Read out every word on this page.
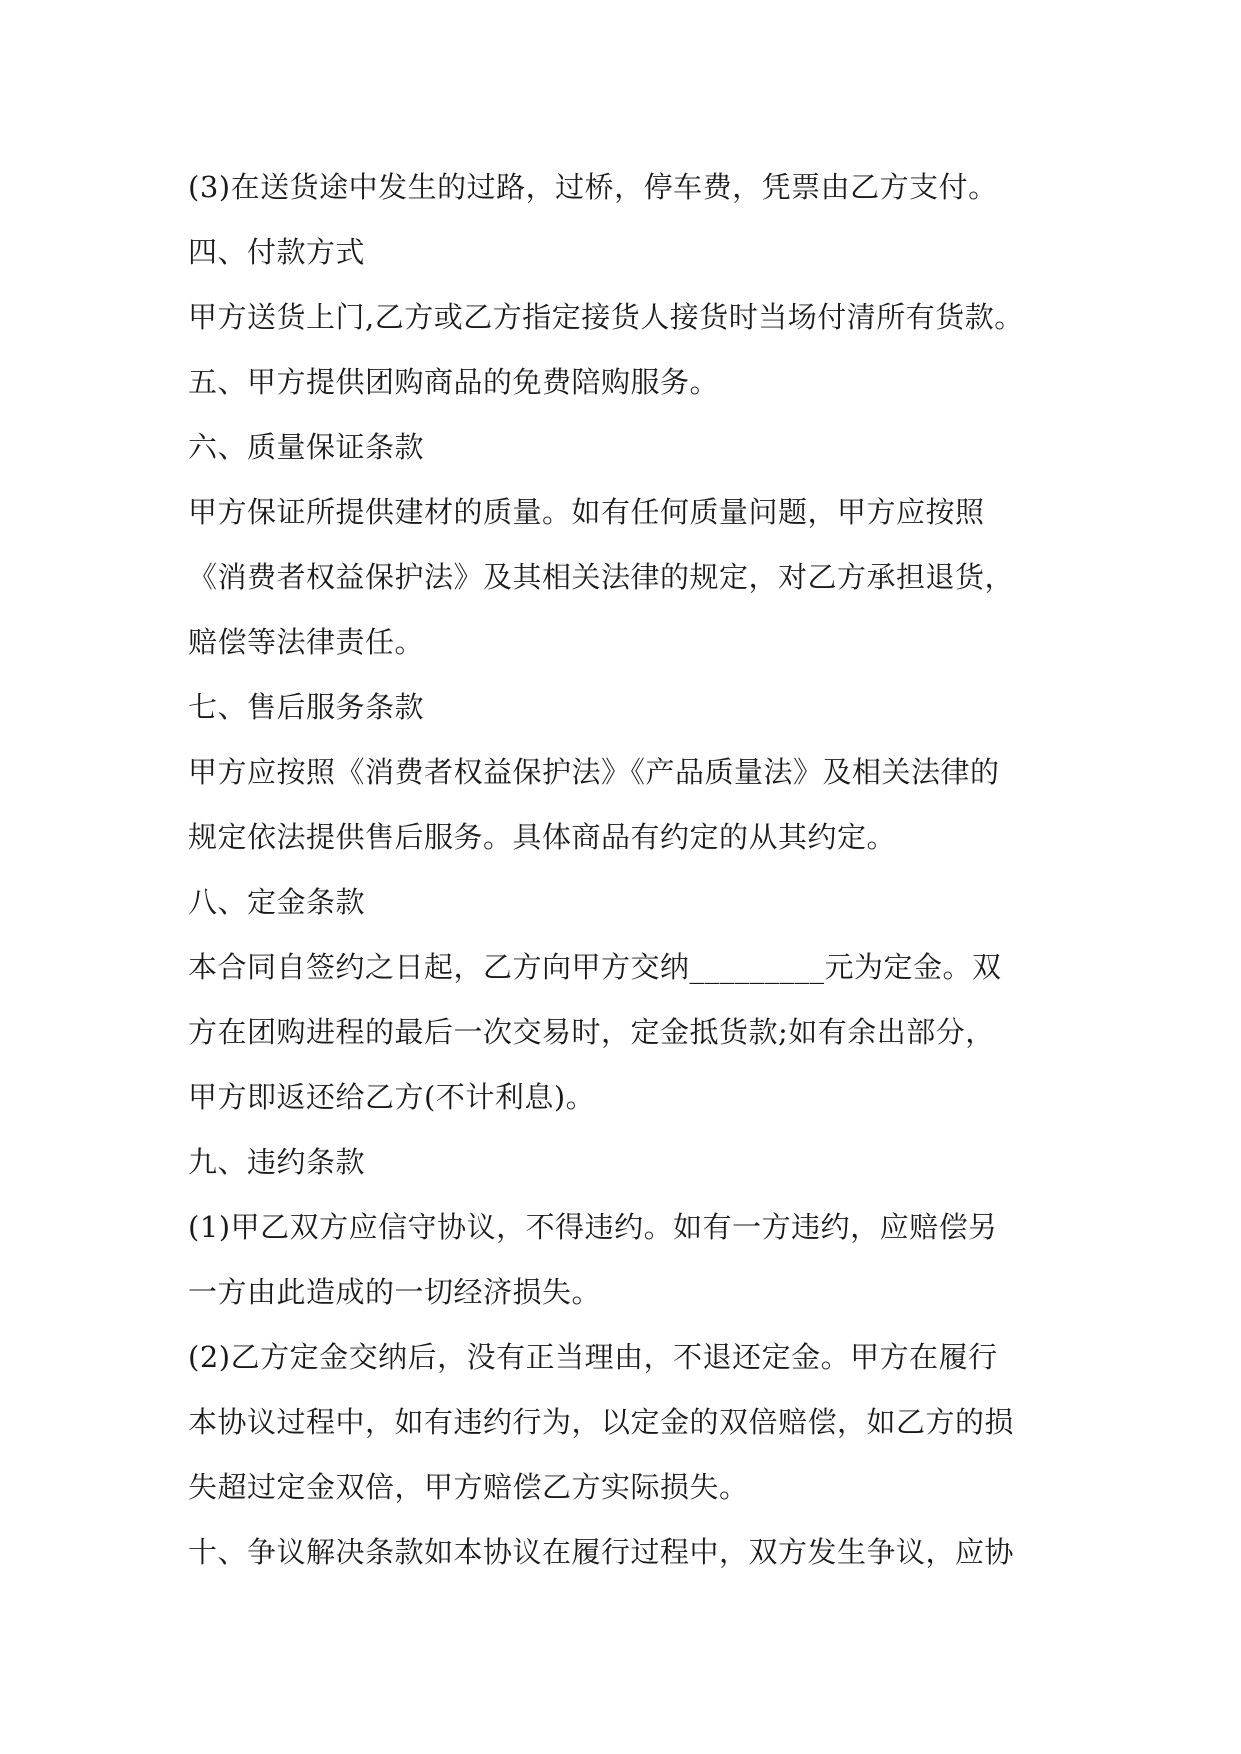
(3)在送货途中发生的过路，过桥，停车费，凭票由乙方支付。
四、付款方式
甲方送货上门,乙方或乙方指定接货人接货时当场付清所有货款。
五、甲方提供团购商品的免费陪购服务。
六、质量保证条款
甲方保证所提供建材的质量。如有任何质量问题，甲方应按照
《消费者权益保护法》及其相关法律的规定，对乙方承担退货，
赔偿等法律责任。
七、售后服务条款
甲方应按照《消费者权益保护法》《产品质量法》及相关法律的
规定依法提供售后服务。具体商品有约定的从其约定。
八、定金条款
本合同自签约之日起，乙方向甲方交纳_________元为定金。双
方在团购进程的最后一次交易时，定金抵货款;如有余出部分，
甲方即返还给乙方(不计利息)。
九、违约条款
(1)甲乙双方应信守协议，不得违约。如有一方违约，应赔偿另
一方由此造成的一切经济损失。
(2)乙方定金交纳后，没有正当理由，不退还定金。甲方在履行
本协议过程中，如有违约行为，以定金的双倍赔偿，如乙方的损
失超过定金双倍，甲方赔偿乙方实际损失。
十、争议解决条款如本协议在履行过程中，双方发生争议，应协
